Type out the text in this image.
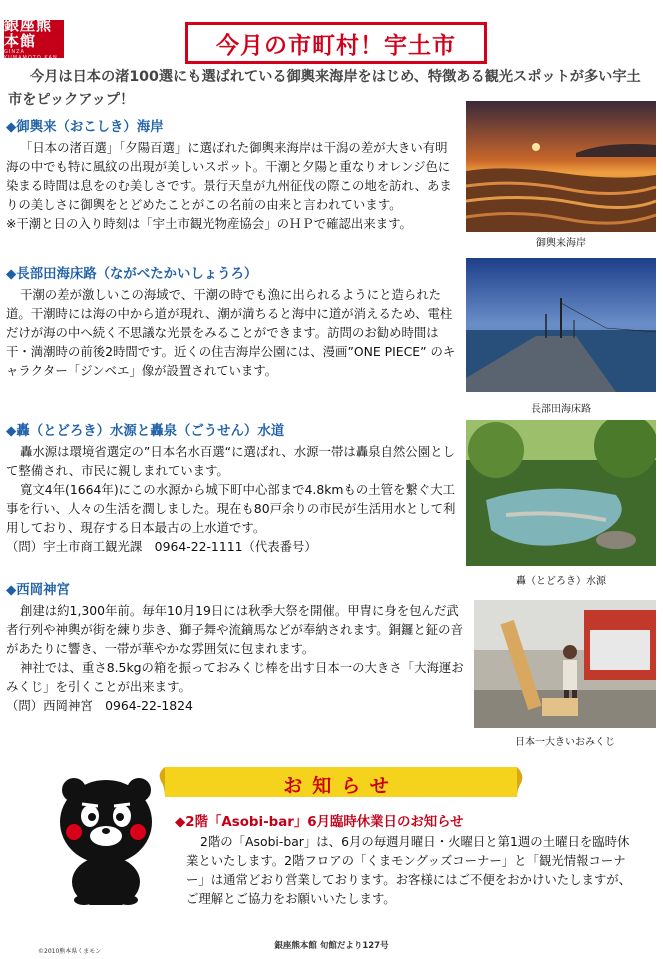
銀座熊本館
GINZA KUMAMOTO KAN	今月の市町村！宇土市
今月は日本の渚100選にも選ばれている御輿来海岸をはじめ、特徴ある観光スポットが多い宇土市をピックアップ！
◆御輿来（おこしき）海岸

「日本の渚百選」「夕陽百選」に選ばれた御輿来海岸は干潟の差が大きい有明海の中でも特に風紋の出現が美しいスポット。干潮と夕陽と重なりオレンジ色に染まる時間は息をのむ美しさです。景行天皇が九州征伐の際この地を訪れ、あまりの美しさに御輿をとどめたことがこの名前の由来と言われています。

※干潮と日の入り時刻は「宇土市観光物産協会」のＨＰで確認出来ます。

御輿来海岸
◆長部田海床路（ながべたかいしょうろ）

干潮の差が激しいこの海域で、干潮の時でも漁に出られるようにと造られた道。干潮時には海の中から道が現れ、潮が満ちると海中に道が消えるため、電柱だけが海の中へ続く不思議な光景をみることができます。訪問のお勧め時間は干・満潮時の前後2時間です。近くの住吉海岸公園には、漫画”ONE PIECE” のキャラクター「ジンベエ」像が設置されています。

長部田海床路
◆轟（とどろき）水源と轟泉（ごうせん）水道

轟水源は環境省選定の”日本名水百選“に選ばれ、水源一帯は轟泉自然公園として整備され、市民に親しまれています。

寛文4年(1664年)にこの水源から城下町中心部まで4.8kmもの土管を繋ぐ大工事を行い、人々の生活を潤しました。現在も80戸余りの市民が生活用水として利用しており、現存する日本最古の上水道です。

（問）宇土市商工観光課　0964-22-1111（代表番号）

轟（とどろき）水源
◆西岡神宮

創建は約1,300年前。毎年10月19日には秋季大祭を開催。甲冑に身を包んだ武者行列や神輿が街を練り歩き、獅子舞や流鏑馬などが奉納されます。銅鑼と鉦の音があたりに響き、一帯が華やかな雰囲気に包まれます。

神社では、重さ8.5kgの箱を振っておみくじ棒を出す日本一の大きさ「大海運おみくじ」を引くことが出来ます。

（問）西岡神宮　0964-22-1824

日本一大きいおみくじ
お知らせ
◆2階「Asobi-bar」6月臨時休業日のお知らせ
2階の「Asobi-bar」は、6月の毎週月曜日・火曜日と第1週の土曜日を臨時休業といたします。2階フロアの「くまモングッズコーナー」と「観光情報コーナー」は通常どおり営業しております。お客様にはご不便をおかけいたしますが、ご理解とご協力をお願いいたします。
©2010熊本県くまモン
銀座熊本館 旬館だより127号
